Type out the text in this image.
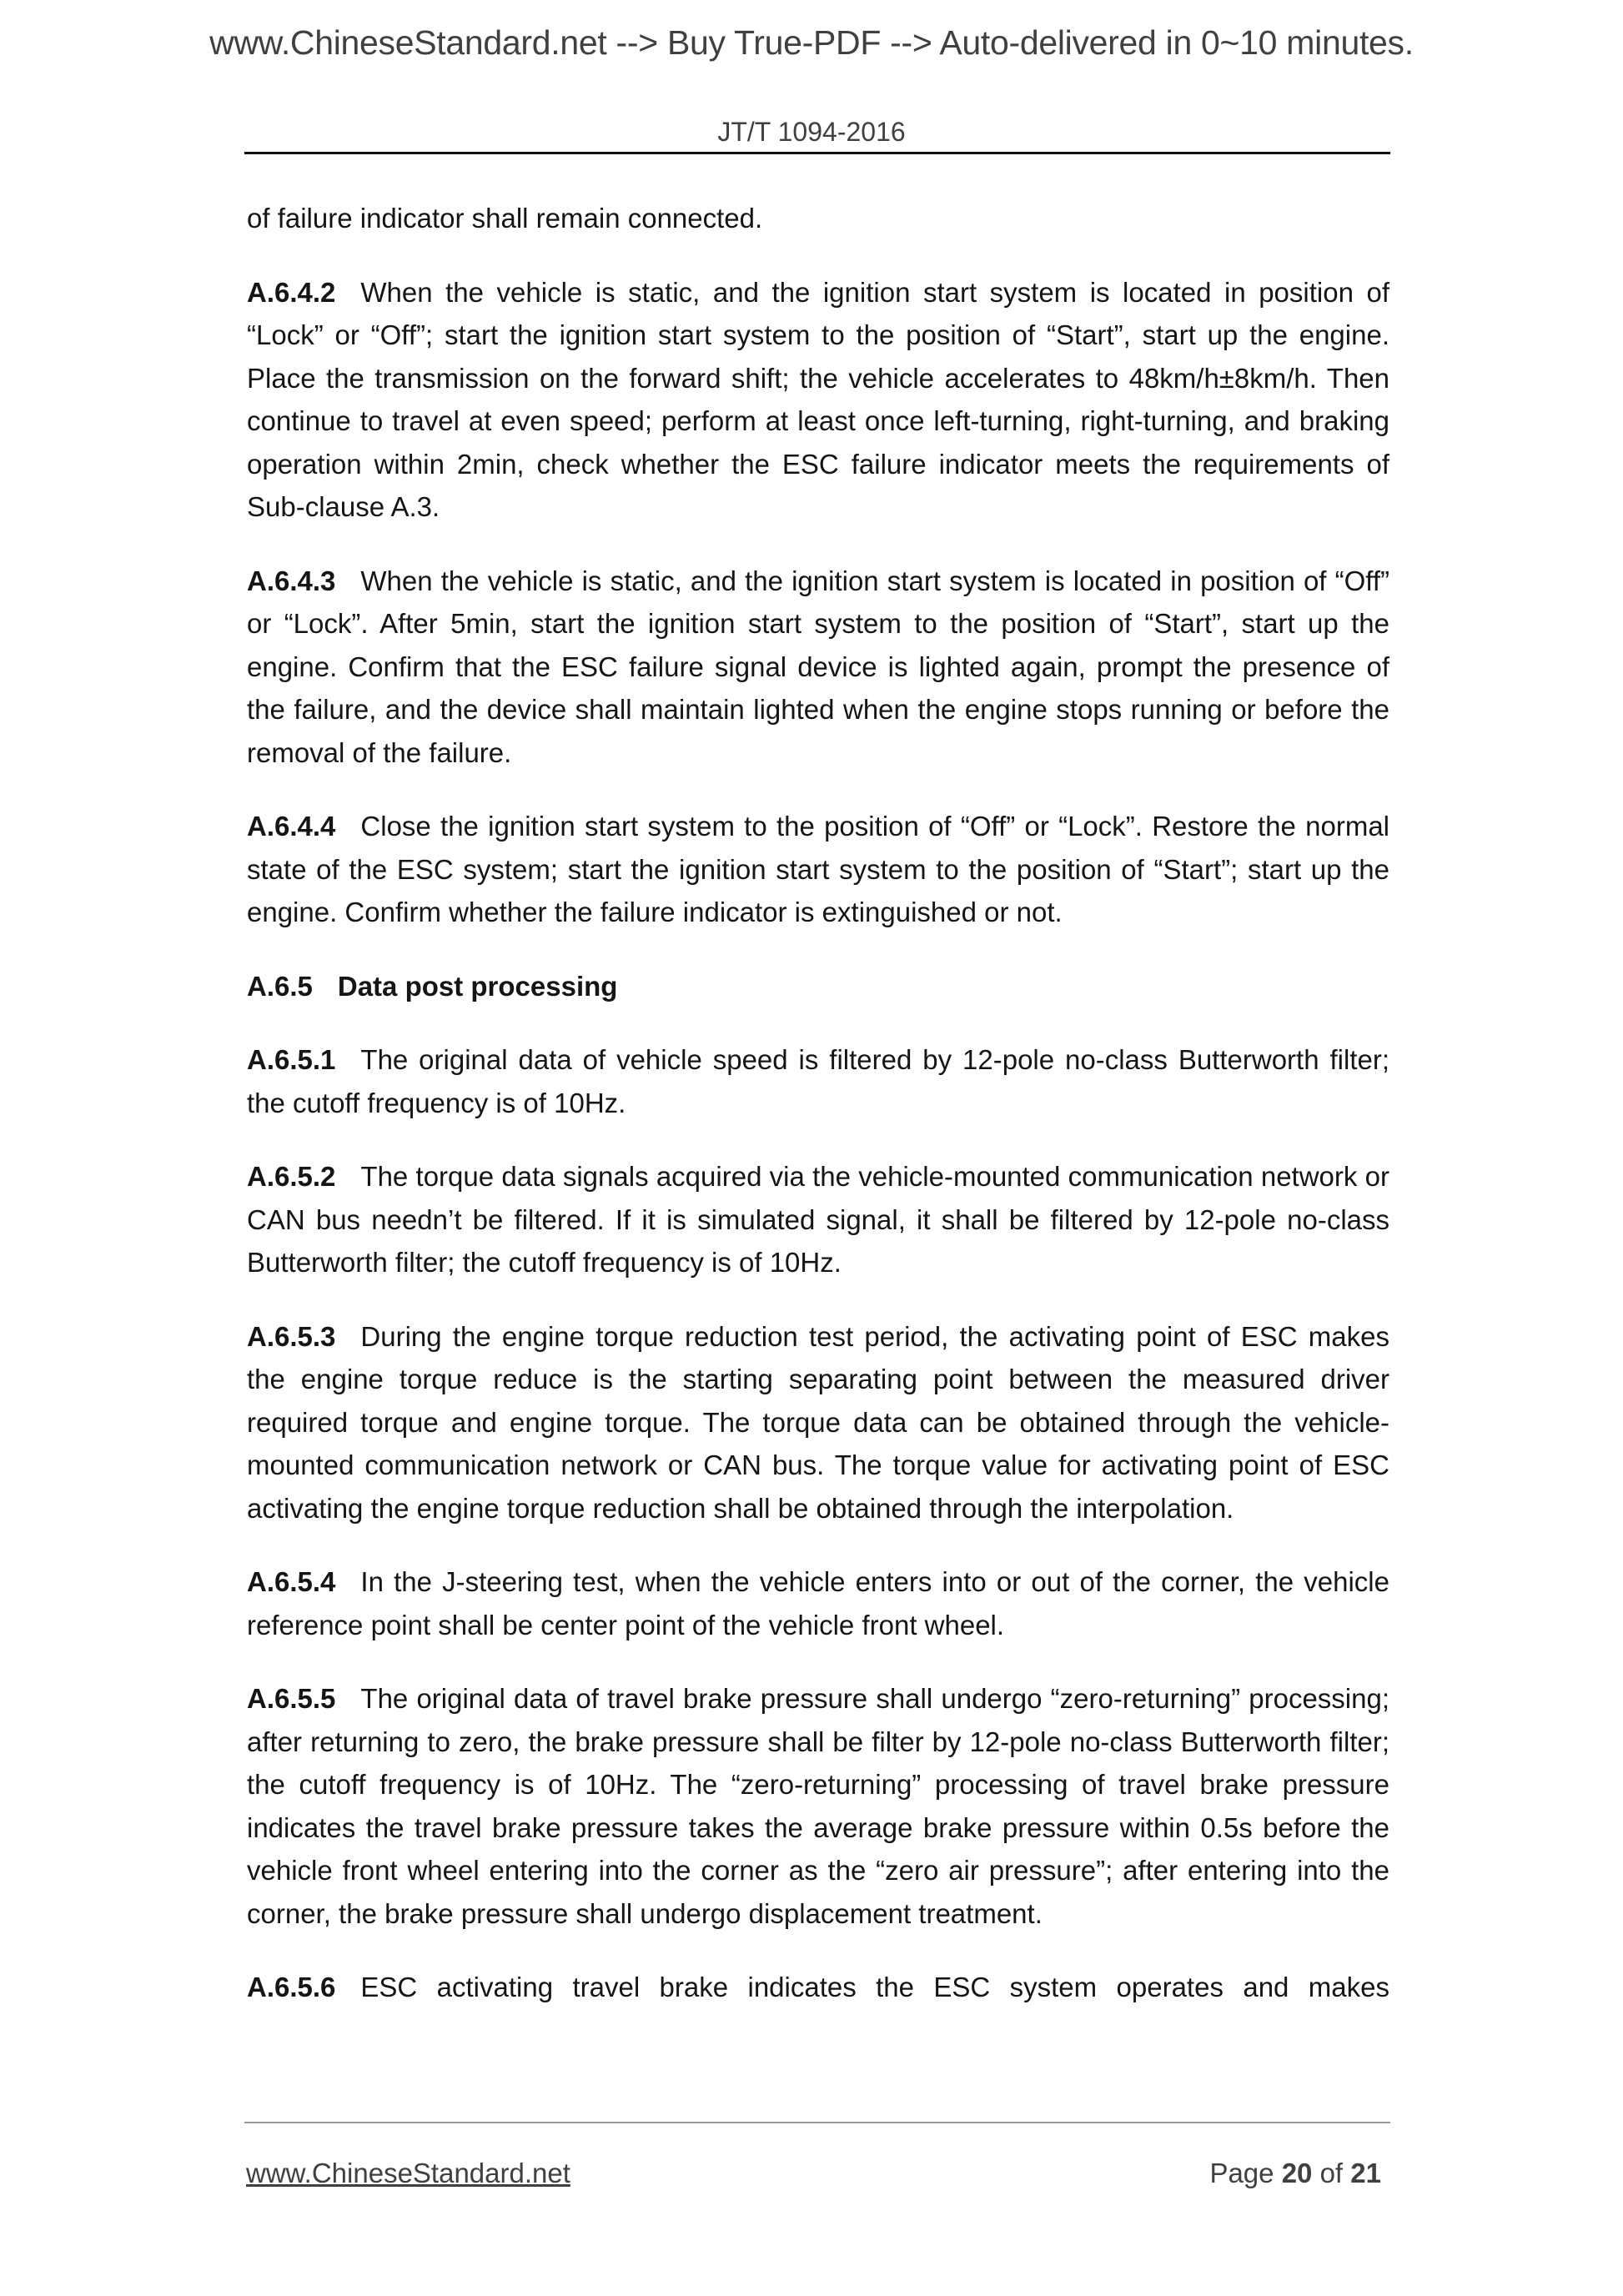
www.ChineseStandard.net --> Buy True-PDF --> Auto-delivered in 0~10 minutes.
JT/T 1094-2016

of failure indicator shall remain connected.

A.6.4.2 When the vehicle is static, and the ignition start system is located in position of “Lock” or “Off”; start the ignition start system to the position of “Start”, start up the engine. Place the transmission on the forward shift; the vehicle accelerates to 48km/h±8km/h. Then continue to travel at even speed; perform at least once left-turning, right-turning, and braking operation within 2min, check whether the ESC failure indicator meets the requirements of Sub-clause A.3.

A.6.4.3 When the vehicle is static, and the ignition start system is located in position of “Off” or “Lock”. After 5min, start the ignition start system to the position of “Start”, start up the engine. Confirm that the ESC failure signal device is lighted again, prompt the presence of the failure, and the device shall maintain lighted when the engine stops running or before the removal of the failure.

A.6.4.4 Close the ignition start system to the position of “Off” or “Lock”. Restore the normal state of the ESC system; start the ignition start system to the position of “Start”; start up the engine. Confirm whether the failure indicator is extinguished or not.

A.6.5 Data post processing

A.6.5.1 The original data of vehicle speed is filtered by 12-pole no-class Butterworth filter; the cutoff frequency is of 10Hz.

A.6.5.2 The torque data signals acquired via the vehicle-mounted communication network or CAN bus needn’t be filtered. If it is simulated signal, it shall be filtered by 12-pole no-class Butterworth filter; the cutoff frequency is of 10Hz.

A.6.5.3 During the engine torque reduction test period, the activating point of ESC makes the engine torque reduce is the starting separating point between the measured driver required torque and engine torque. The torque data can be obtained through the vehicle-mounted communication network or CAN bus. The torque value for activating point of ESC activating the engine torque reduction shall be obtained through the interpolation.

A.6.5.4 In the J-steering test, when the vehicle enters into or out of the corner, the vehicle reference point shall be center point of the vehicle front wheel.

A.6.5.5 The original data of travel brake pressure shall undergo “zero-returning” processing; after returning to zero, the brake pressure shall be filter by 12-pole no-class Butterworth filter; the cutoff frequency is of 10Hz. The “zero-returning” processing of travel brake pressure indicates the travel brake pressure takes the average brake pressure within 0.5s before the vehicle front wheel entering into the corner as the “zero air pressure”; after entering into the corner, the brake pressure shall undergo displacement treatment.

A.6.5.6 ESC activating travel brake indicates the ESC system operates and makes

www.ChineseStandard.net	Page 20 of 21
